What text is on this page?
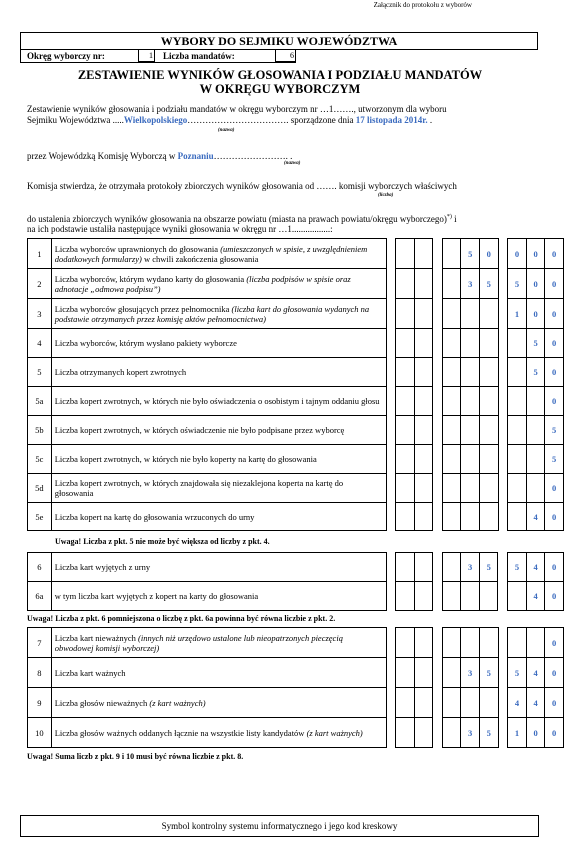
Załącznik do protokołu z wyborów
WYBORY DO SEJMIKU WOJEWÓDZTWA
Okręg wyborczy nr:	1 Liczba mandatów:	6
ZESTAWIENIE WYNIKÓW GŁOSOWANIA I PODZIAŁU MANDATÓW
W OKRĘGU WYBORCZYM
Zestawienie wyników głosowania i podziału mandatów w okręgu wyborczym nr …1……., utworzonym dla wyboru
Sejmiku Województwa .....Wielkopolskiego……………………………. sporządzone dnia 17 listopada 2014r. .
(nazwa)
przez Wojewódzką Komisję Wyborczą w Poznaniu……………………. .
(nazwa)
Komisja stwierdza, że otrzymała protokoły zbiorczych wyników głosowania od ……. komisji wyborczych właściwych
(liczba)
do ustalenia zbiorczych wyników głosowania na obszarze powiatu (miasta na prawach powiatu/okręgu wyborczego)*) i
na ich podstawie ustaliła następujące wyniki głosowania w okręgu nr …1.................:
1	Liczba wyborców uprawnionych do głosowania (umieszczonych w spisie, z uwzględnieniem dodatkowych formularzy) w chwili zakończenia głosowania						5	0		0	0	0
2	Liczba wyborców, którym wydano karty do głosowania (liczba podpisów w spisie oraz adnotacje „odmowa podpisu”)						3	5		5	0	0
3	Liczba wyborców głosujących przez pełnomocnika (liczba kart do głosowania wydanych na podstawie otrzymanych przez komisję aktów pełnomocnictwa)									1	0	0
4	Liczba wyborców, którym wysłano pakiety wyborcze										5	0
5	Liczba otrzymanych kopert zwrotnych										5	0
5a	Liczba kopert zwrotnych, w których nie było oświadczenia o osobistym i tajnym oddaniu głosu											0
5b	Liczba kopert zwrotnych, w których oświadczenie nie było podpisane przez wyborcę											5
5c	Liczba kopert zwrotnych, w których nie było koperty na kartę do głosowania											5
5d	Liczba kopert zwrotnych, w których znajdowała się niezaklejona koperta na kartę do głosowania											0
5e	Liczba kopert na kartę do głosowania wrzuconych do urny										4	0
Uwaga! Liczba z pkt. 5 nie może być większa od liczby z pkt. 4.
6	Liczba kart wyjętych z urny						3	5		5	4	0
6a	w tym liczba kart wyjętych z kopert na karty do głosowania										4	0
Uwaga! Liczba z pkt. 6 pomniejszona o liczbę z pkt. 6a powinna być równa liczbie z pkt. 2.
7	Liczba kart nieważnych (innych niż urzędowo ustalone lub nieopatrzonych pieczęcią obwodowej komisji wyborczej)											0
8	Liczba kart ważnych						3	5		5	4	0
9	Liczba głosów nieważnych (z kart ważnych)									4	4	0
10	Liczba głosów ważnych oddanych łącznie na wszystkie listy kandydatów (z kart ważnych)						3	5		1	0	0
Uwaga! Suma liczb z pkt. 9 i 10 musi być równa liczbie z pkt. 8.
Symbol kontrolny systemu informatycznego i jego kod kreskowy
